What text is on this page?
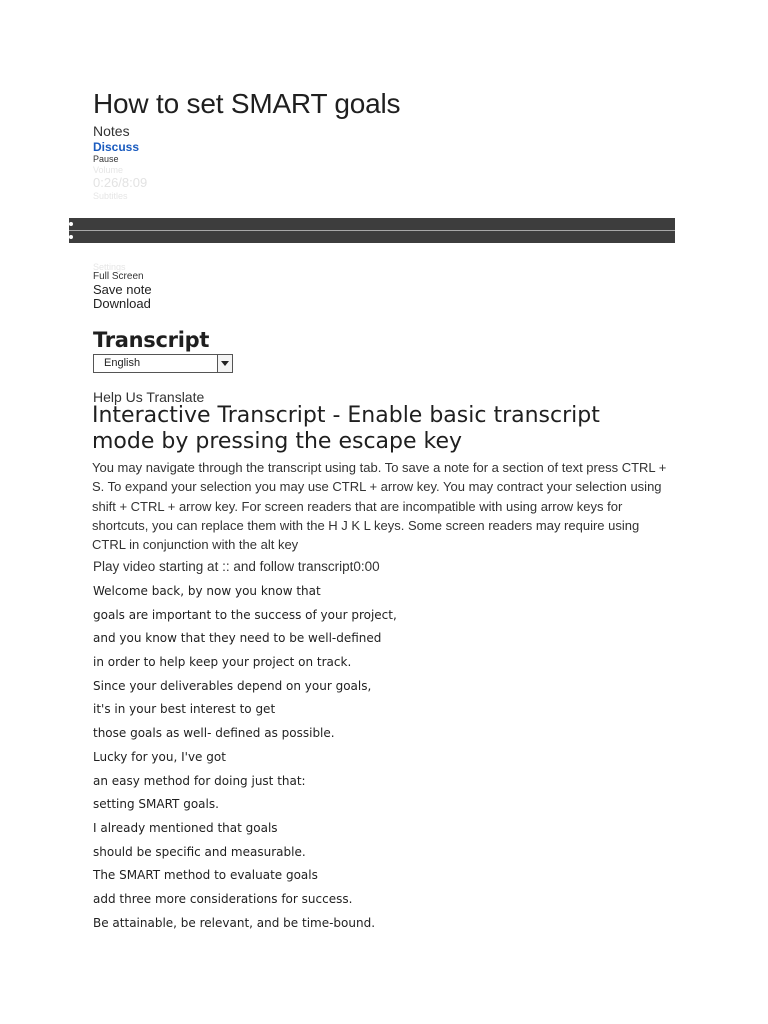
How to set SMART goals
Notes
Discuss
Pause
Volume
0:26/8:09
Subtitles
Settings
Full Screen
Save note
Download
Transcript
English
Help Us Translate
Interactive Transcript - Enable basic transcript mode by pressing the escape key
You may navigate through the transcript using tab. To save a note for a section of text press CTRL + S. To expand your selection you may use CTRL + arrow key. You may contract your selection using shift + CTRL + arrow key. For screen readers that are incompatible with using arrow keys for shortcuts, you can replace them with the H J K L keys. Some screen readers may require using CTRL in conjunction with the alt key
Play video starting at :: and follow transcript0:00
Welcome back, by now you know that
goals are important to the success of your project,
and you know that they need to be well-defined
in order to help keep your project on track.
Since your deliverables depend on your goals,
it's in your best interest to get
those goals as well- defined as possible.
Lucky for you, I've got
an easy method for doing just that:
setting SMART goals.
I already mentioned that goals
should be specific and measurable.
The SMART method to evaluate goals
add three more considerations for success.
Be attainable, be relevant, and be time-bound.
